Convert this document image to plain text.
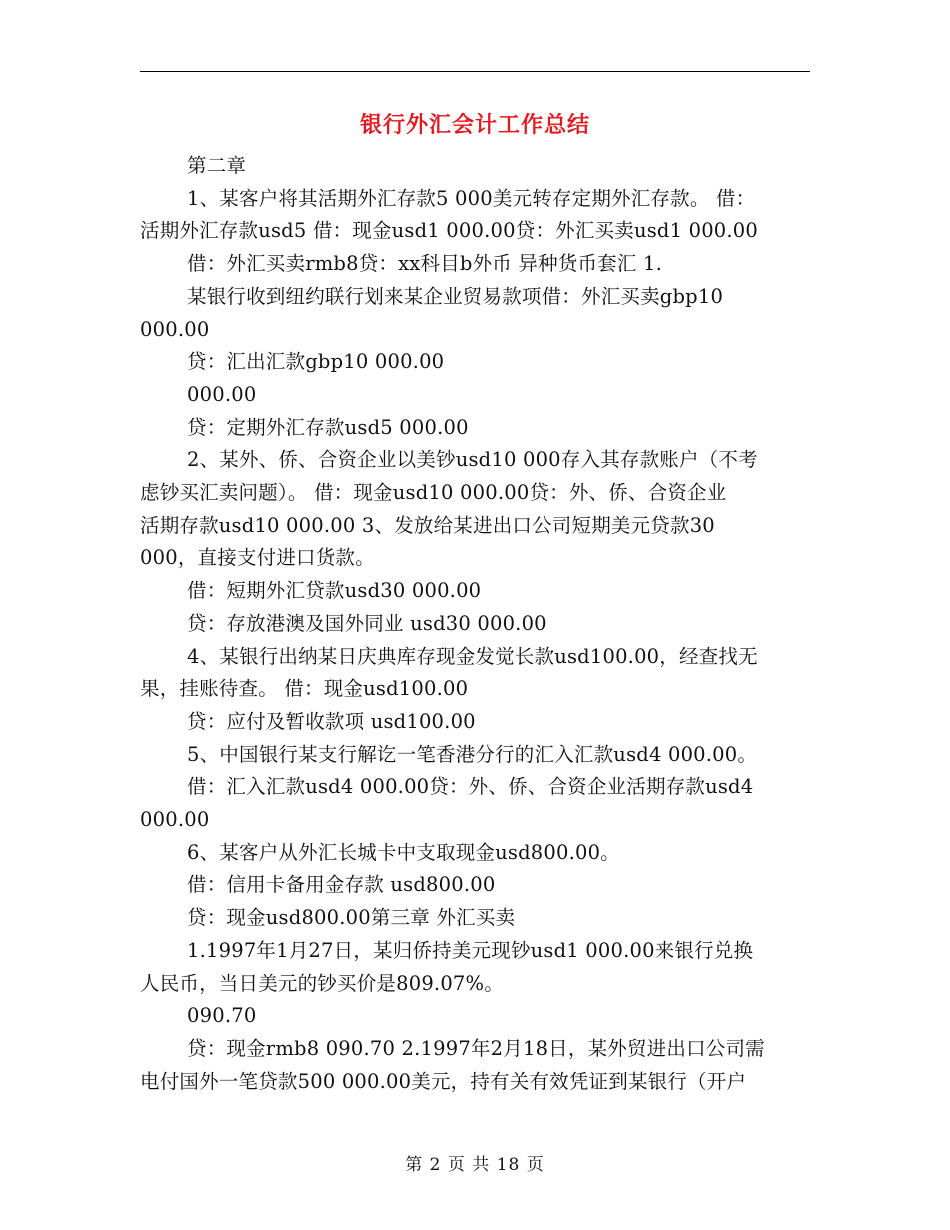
银行外汇会计工作总结

第二章

1、某客户将其活期外汇存款5 000美元转存定期外汇存款。 借：

活期外汇存款usd5 借：现金usd1 000.00贷：外汇买卖usd1 000.00

借：外汇买卖rmb8贷：xx科目b外币 异种货币套汇 1.

某银行收到纽约联行划来某企业贸易款项借：外汇买卖gbp10

000.00

贷：汇出汇款gbp10 000.00

000.00

贷：定期外汇存款usd5 000.00

2、某外、侨、合资企业以美钞usd10 000存入其存款账户（不考

虑钞买汇卖问题）。 借：现金usd10 000.00贷：外、侨、合资企业

活期存款usd10 000.00 3、发放给某进出口公司短期美元贷款30

000，直接支付进口货款。

借：短期外汇贷款usd30 000.00

贷：存放港澳及国外同业 usd30 000.00

4、某银行出纳某日庆典库存现金发觉长款usd100.00，经查找无

果，挂账待查。 借：现金usd100.00

贷：应付及暂收款项 usd100.00

5、中国银行某支行解讫一笔香港分行的汇入汇款usd4 000.00。

借：汇入汇款usd4 000.00贷：外、侨、合资企业活期存款usd4

000.00

6、某客户从外汇长城卡中支取现金usd800.00。

借：信用卡备用金存款 usd800.00

贷：现金usd800.00第三章 外汇买卖

1.1997年1月27日，某归侨持美元现钞usd1 000.00来银行兑换

人民币，当日美元的钞买价是809.07%。

090.70

贷：现金rmb8 090.70 2.1997年2月18日，某外贸进出口公司需

电付国外一笔贷款500 000.00美元，持有关有效凭证到某银行（开户

第 2 页 共 18 页
